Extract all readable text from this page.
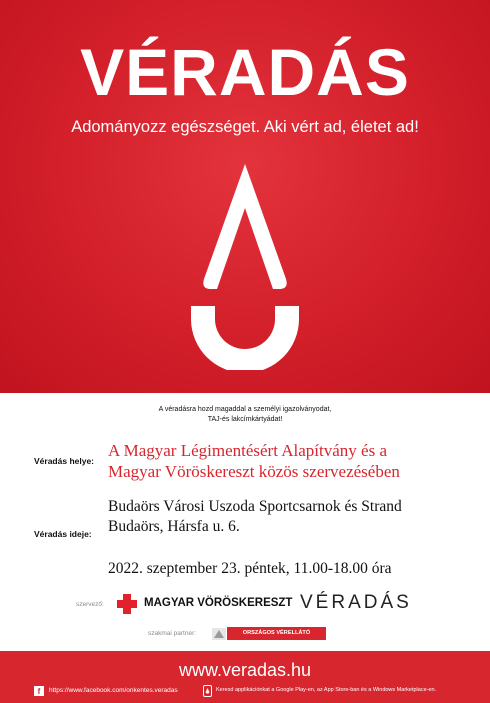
VÉRADÁS
Adományozz egészséget. Aki vért ad, életet ad!
A véradásra hozd magaddal a személyi igazolványodat,
TAJ-és lakcímkártyádat!
Véradás helye:
A Magyar Légimentésért Alapítvány és a
Magyar Vöröskereszt közös szervezésében
Véradás ideje:
Budaörs Városi Uszoda Sportcsarnok és Strand
Budaörs, Hársfa u. 6.
2022. szeptember 23. péntek, 11.00-18.00 óra
szervező:	MAGYAR VÖRÖSKERESZT VÉRADÁS
szakmai partner:	ORSZÁGOS VÉRELLÁTÓ SZOLGÁLAT
www.veradas.hu
f	https://www.facebook.com/onkentes.veradas	Keresd applikációnkat a Google Play-en, az App Store-ban és a Windows Marketplace-en.
